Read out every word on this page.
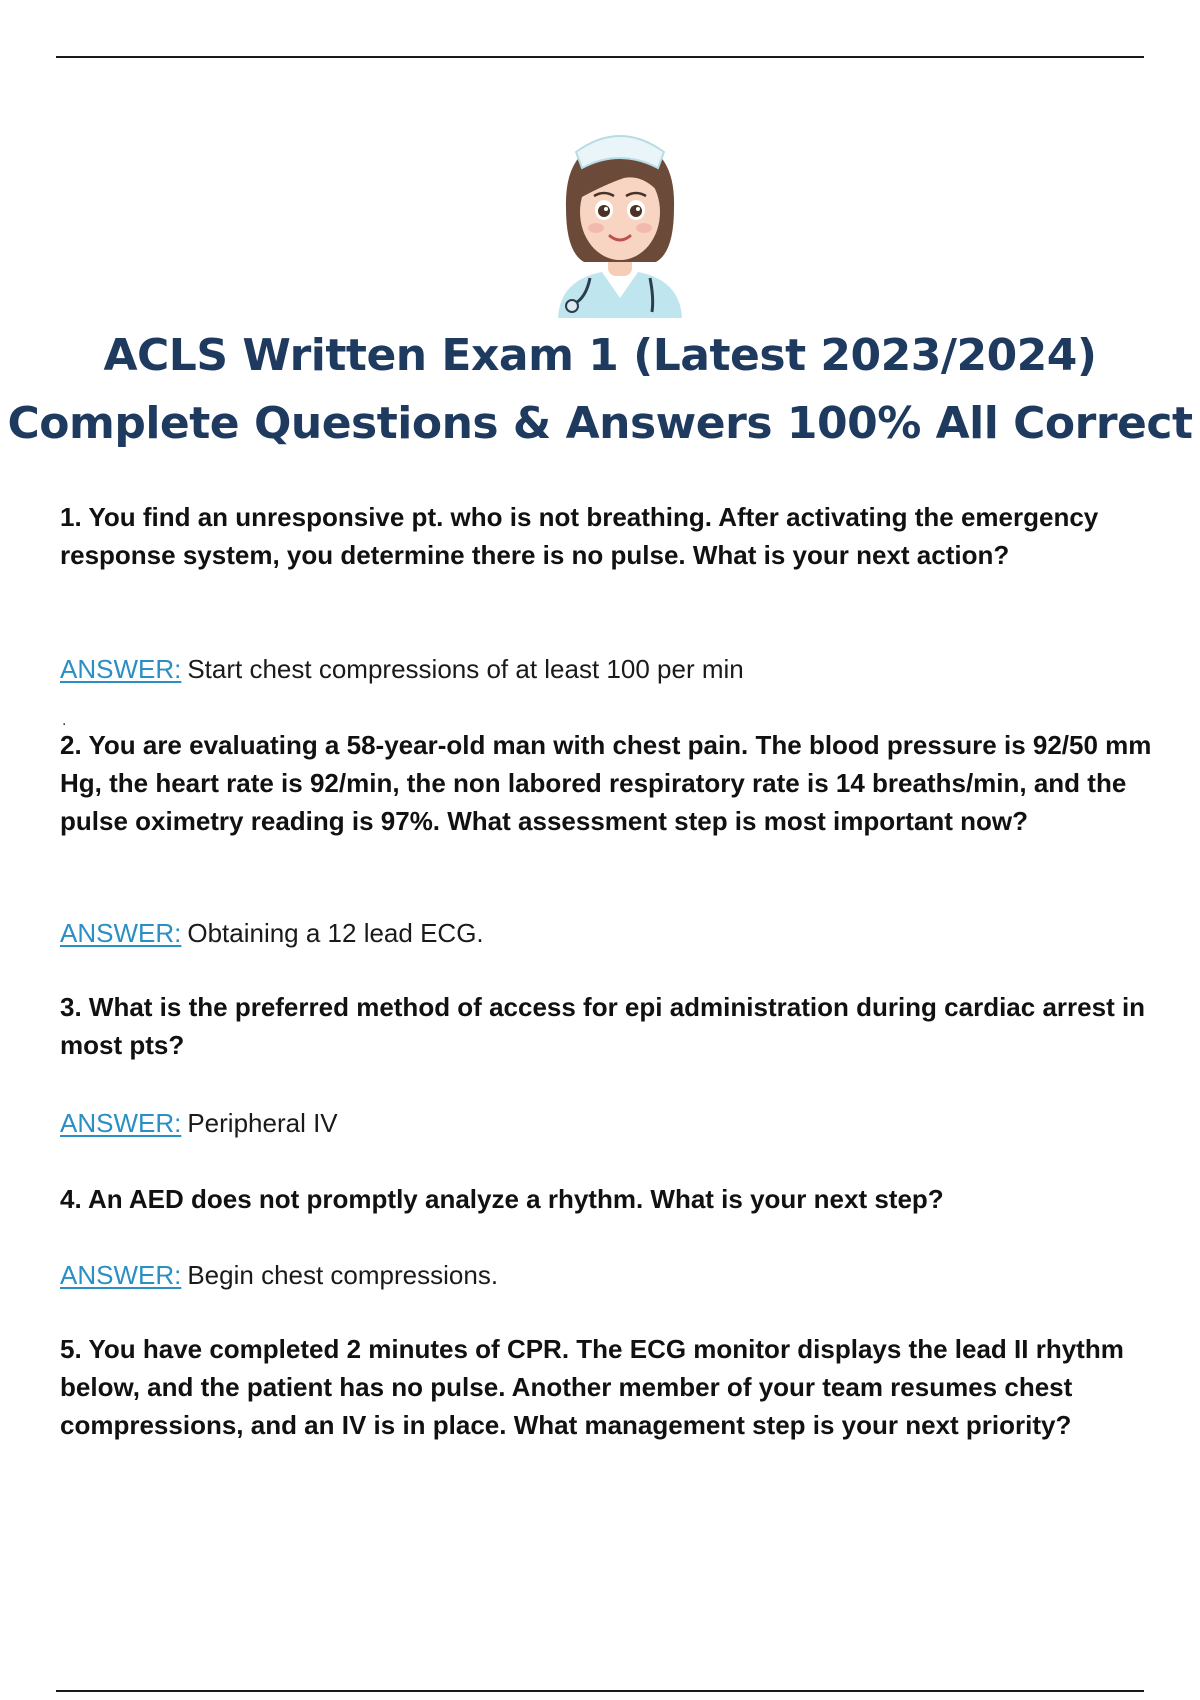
ACLS Written Exam 1 (Latest 2023/2024)
Complete Questions & Answers 100% All Correct

1. You find an unresponsive pt. who is not breathing. After activating the emergency response system, you determine there is no pulse. What is your next action?

ANSWER: Start chest compressions of at least 100 per min

.

2. You are evaluating a 58-year-old man with chest pain. The blood pressure is 92/50 mm Hg, the heart rate is 92/min, the non labored respiratory rate is 14 breaths/min, and the pulse oximetry reading is 97%. What assessment step is most important now?

ANSWER: Obtaining a 12 lead ECG.

3. What is the preferred method of access for epi administration during cardiac arrest in most pts?

ANSWER: Peripheral IV

4. An AED does not promptly analyze a rhythm. What is your next step?

ANSWER: Begin chest compressions.

5. You have completed 2 minutes of CPR. The ECG monitor displays the lead II rhythm below, and the patient has no pulse. Another member of your team resumes chest compressions, and an IV is in place. What management step is your next priority?
